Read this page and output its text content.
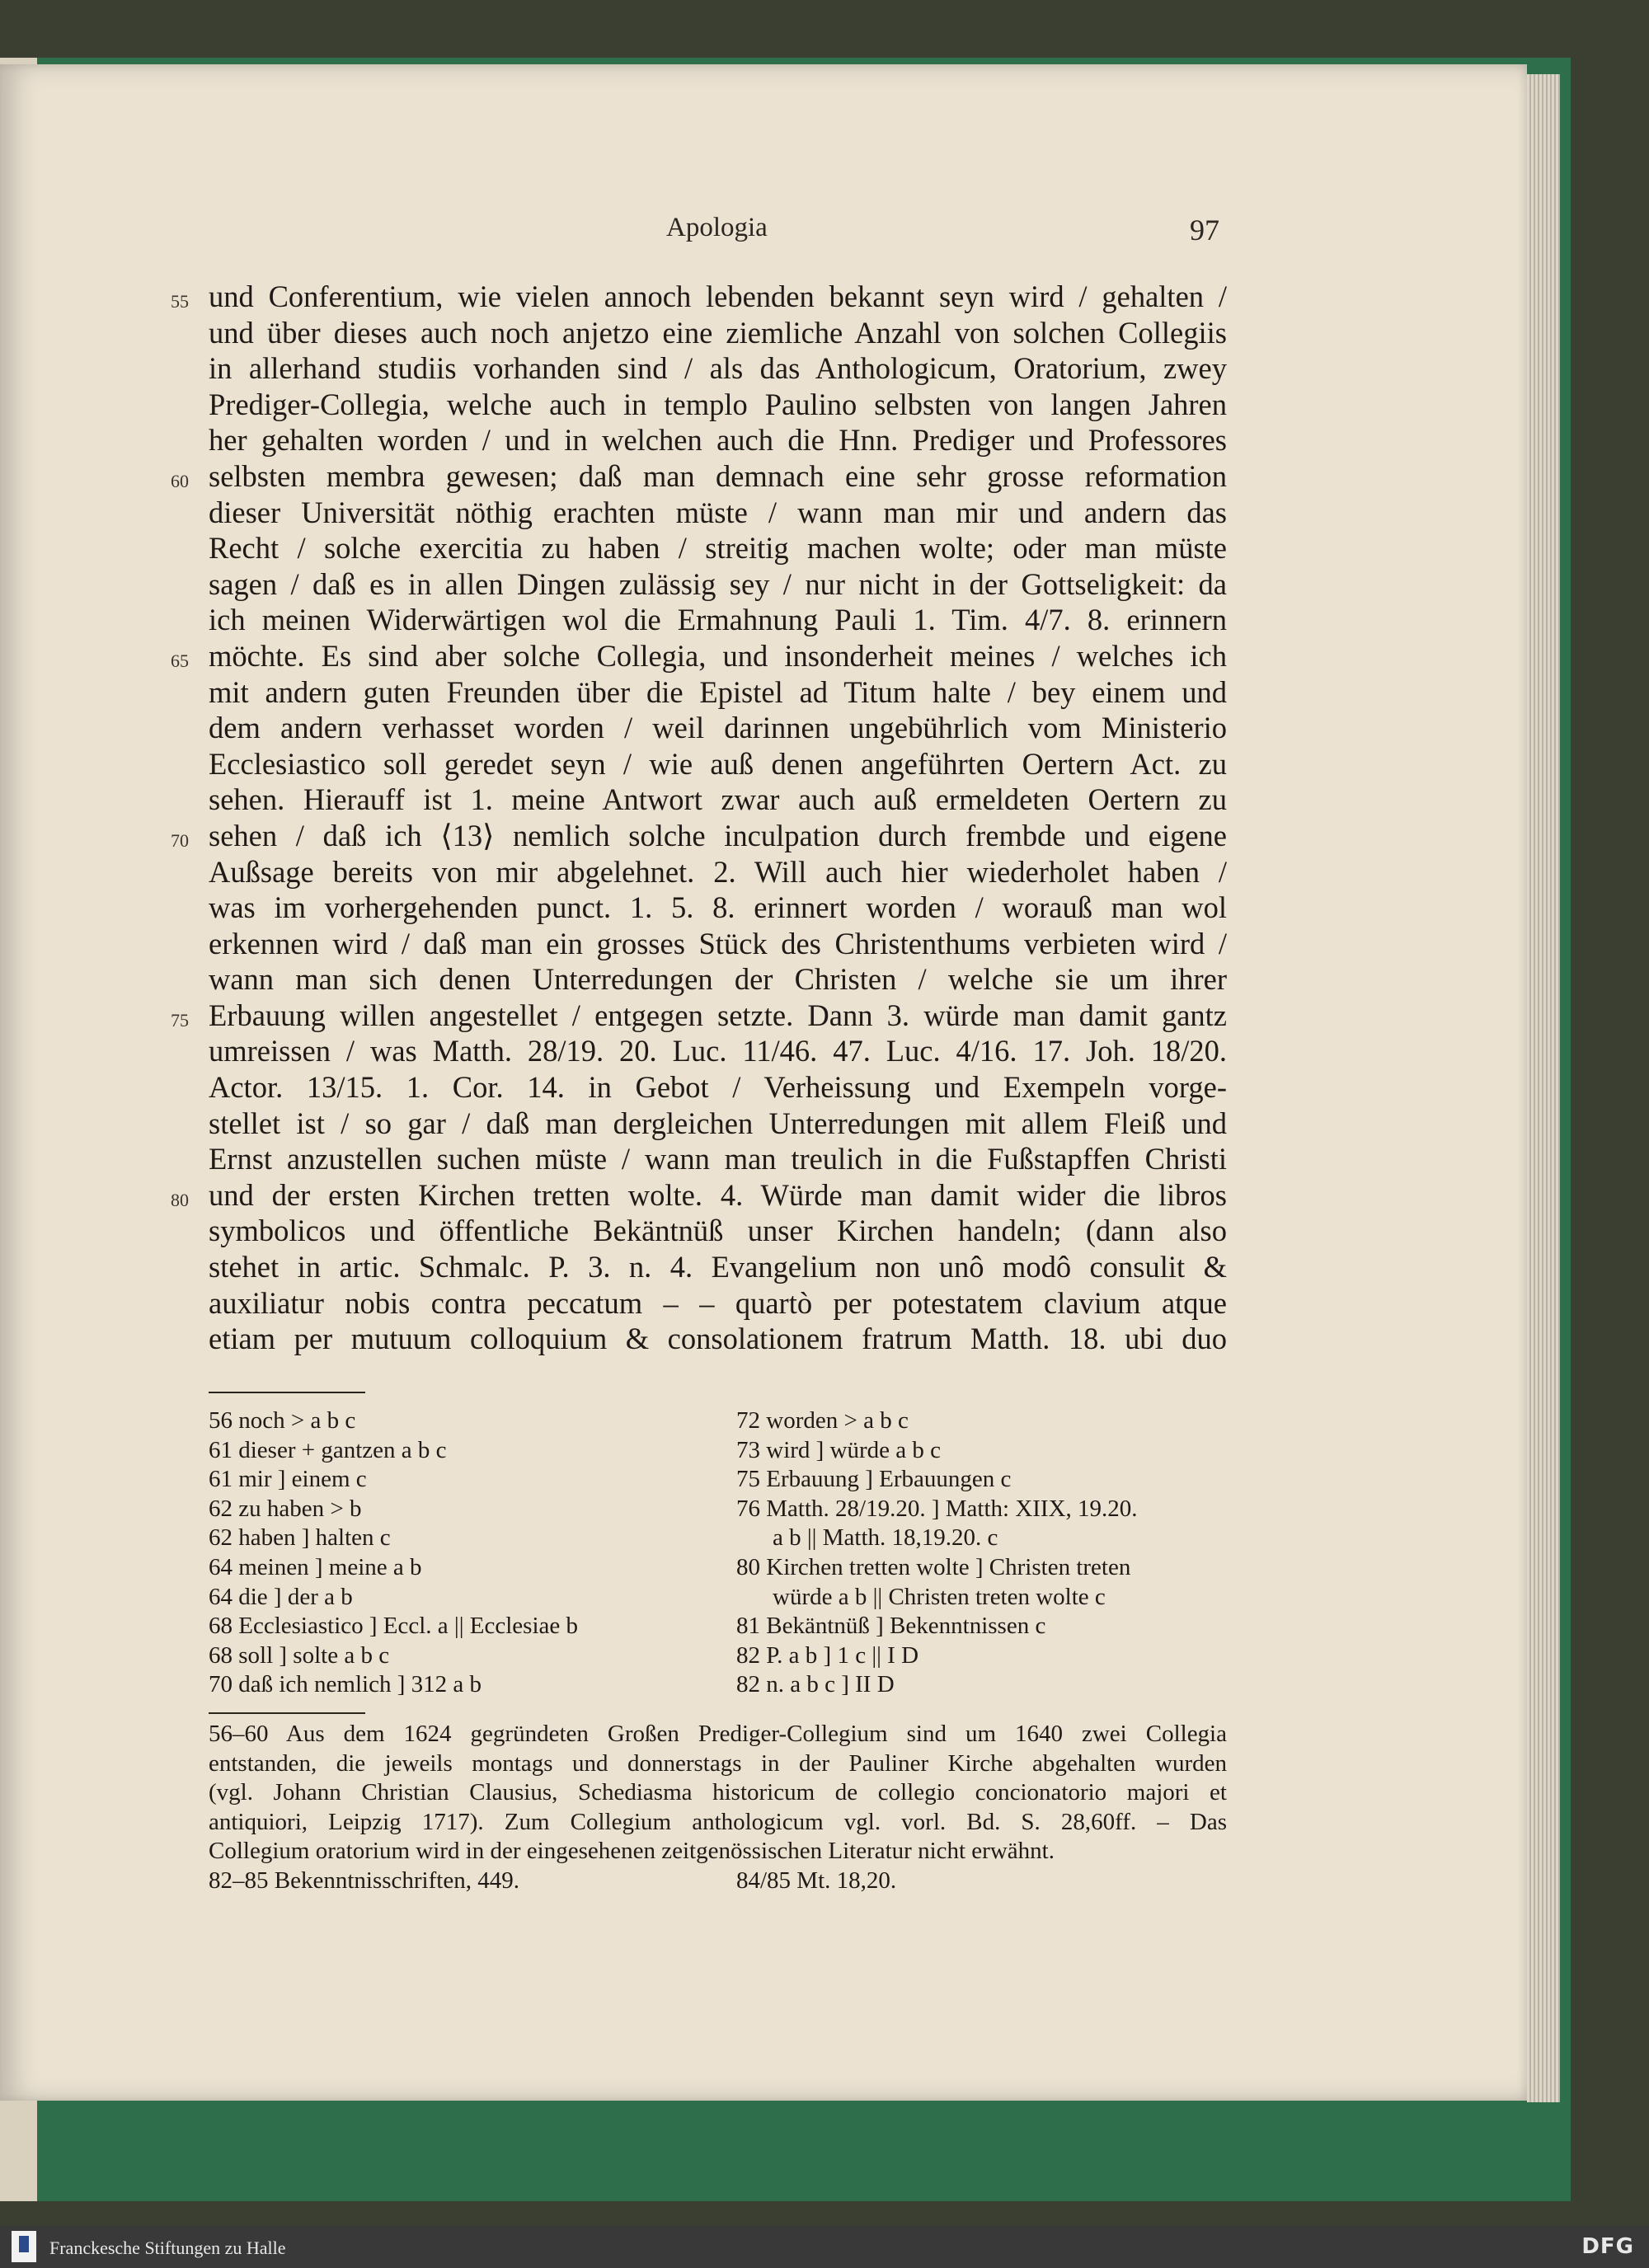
Apologia	97
55 und Conferentium, wie vielen annoch lebenden bekannt seyn wird / gehalten /
und über dieses auch noch anjetzo eine ziemliche Anzahl von solchen Collegiis
in allerhand studiis vorhanden sind / als das Anthologicum, Oratorium, zwey
Prediger-Collegia, welche auch in templo Paulino selbsten von langen Jahren
her gehalten worden / und in welchen auch die Hnn. Prediger und Professores
60 selbsten membra gewesen; daß man demnach eine sehr grosse reformation
dieser Universität nöthig erachten müste / wann man mir und andern das
Recht / solche exercitia zu haben / streitig machen wolte; oder man müste
sagen / daß es in allen Dingen zulässig sey / nur nicht in der Gottseligkeit: da
ich meinen Widerwärtigen wol die Ermahnung Pauli 1. Tim. 4/7. 8. erinnern
65 möchte. Es sind aber solche Collegia, und insonderheit meines / welches ich
mit andern guten Freunden über die Epistel ad Titum halte / bey einem und
dem andern verhasset worden / weil darinnen ungebührlich vom Ministerio
Ecclesiastico soll geredet seyn / wie auß denen angeführten Oertern Act. zu
sehen. Hierauff ist 1. meine Antwort zwar auch auß ermeldeten Oertern zu
70 sehen / daß ich ⟨13⟩ nemlich solche inculpation durch frembde und eigene
Außsage bereits von mir abgelehnet. 2. Will auch hier wiederholet haben /
was im vorhergehenden punct. 1. 5. 8. erinnert worden / worauß man wol
erkennen wird / daß man ein grosses Stück des Christenthums verbieten wird /
wann man sich denen Unterredungen der Christen / welche sie um ihrer
75 Erbauung willen angestellet / entgegen setzte. Dann 3. würde man damit gantz
umreissen / was Matth. 28/19. 20. Luc. 11/46. 47. Luc. 4/16. 17. Joh. 18/20.
Actor. 13/15. 1. Cor. 14. in Gebot / Verheissung und Exempeln vorge-
stellet ist / so gar / daß man dergleichen Unterredungen mit allem Fleiß und
Ernst anzustellen suchen müste / wann man treulich in die Fußstapffen Christi
80 und der ersten Kirchen tretten wolte. 4. Würde man damit wider die libros
symbolicos und öffentliche Bekäntnüß unser Kirchen handeln; (dann also
stehet in artic. Schmalc. P. 3. n. 4. Evangelium non unô modô consulit &
auxiliatur nobis contra peccatum – – quartò per potestatem clavium atque
etiam per mutuum colloquium & consolationem fratrum Matth. 18. ubi duo
56 noch > a b c
61 dieser + gantzen a b c
61 mir ] einem c
62 zu haben > b
62 haben ] halten c
64 meinen ] meine a b
64 die ] der a b
68 Ecclesiastico ] Eccl. a || Ecclesiae b
68 soll ] solte a b c
70 daß ich nemlich ] 312 a b
72 worden > a b c
73 wird ] würde a b c
75 Erbauung ] Erbauungen c
76 Matth. 28/19.20. ] Matth: XIIX, 19.20.
a b || Matth. 18,19.20. c
80 Kirchen tretten wolte ] Christen treten
würde a b || Christen treten wolte c
81 Bekäntnüß ] Bekenntnissen c
82 P. a b ] 1 c || I D
82 n. a b c ] II D
56–60 Aus dem 1624 gegründeten Großen Prediger-Collegium sind um 1640 zwei Collegia
entstanden, die jeweils montags und donnerstags in der Pauliner Kirche abgehalten wurden
(vgl. Johann Christian Clausius, Schediasma historicum de collegio concionatorio majori et
antiquiori, Leipzig 1717). Zum Collegium anthologicum vgl. vorl. Bd. S. 28,60ff. – Das
Collegium oratorium wird in der eingesehenen zeitgenössischen Literatur nicht erwähnt.
82–85 Bekenntnisschriften, 449.	84/85 Mt. 18,20.
Franckesche Stiftungen zu Halle	DFG
